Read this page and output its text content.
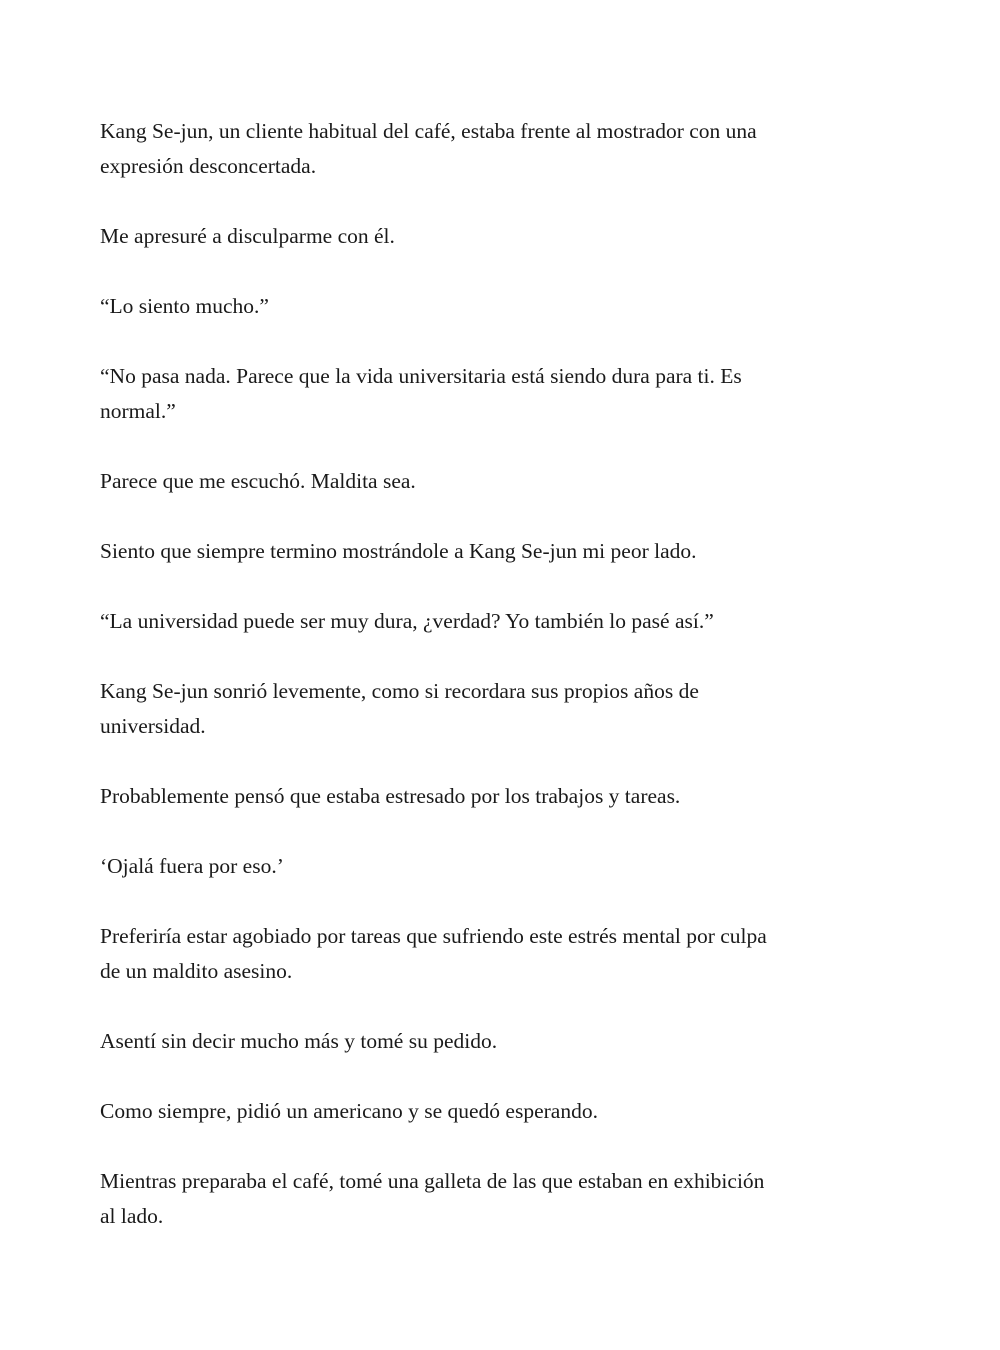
Kang Se-jun, un cliente habitual del café, estaba frente al mostrador con una
expresión desconcertada.

Me apresuré a disculparme con él.

“Lo siento mucho.”

“No pasa nada. Parece que la vida universitaria está siendo dura para ti. Es
normal.”

Parece que me escuchó. Maldita sea.

Siento que siempre termino mostrándole a Kang Se-jun mi peor lado.

“La universidad puede ser muy dura, ¿verdad? Yo también lo pasé así.”

Kang Se-jun sonrió levemente, como si recordara sus propios años de
universidad.

Probablemente pensó que estaba estresado por los trabajos y tareas.

‘Ojalá fuera por eso.’

Preferiría estar agobiado por tareas que sufriendo este estrés mental por culpa
de un maldito asesino.

Asentí sin decir mucho más y tomé su pedido.

Como siempre, pidió un americano y se quedó esperando.

Mientras preparaba el café, tomé una galleta de las que estaban en exhibición
al lado.
